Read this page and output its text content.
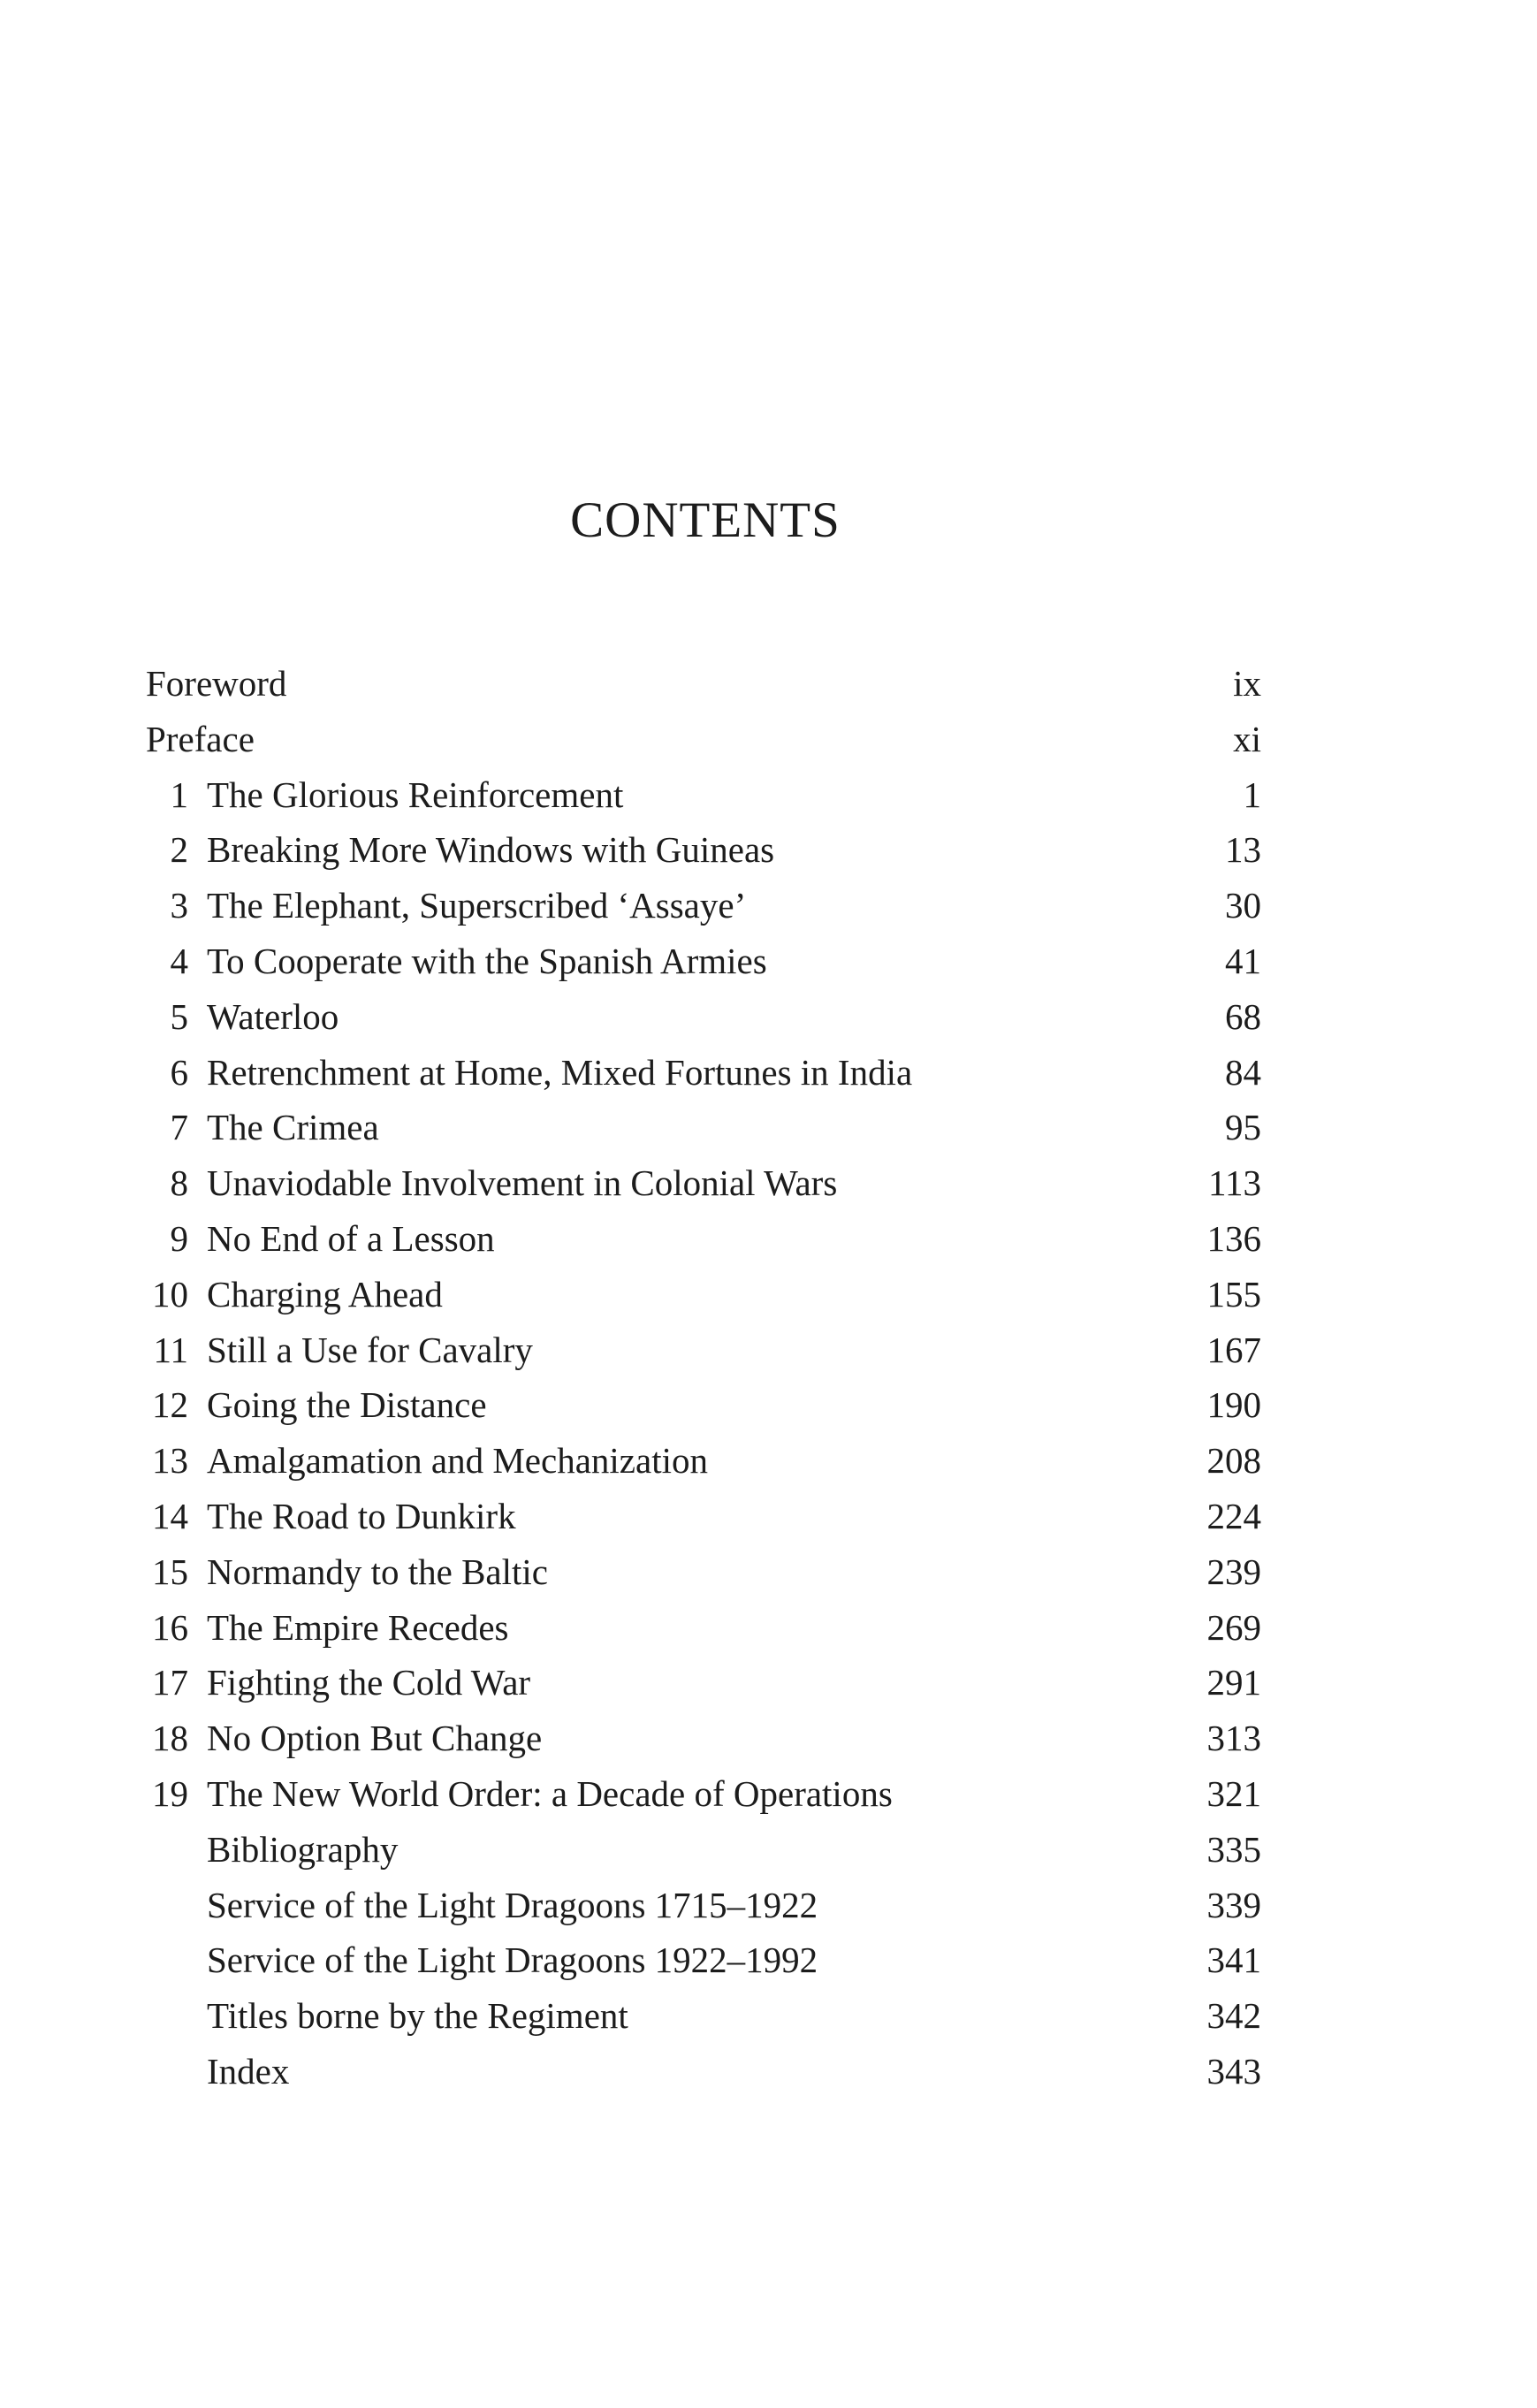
CONTENTS
Foreword	ix
Preface	xi
1 The Glorious Reinforcement	1
2 Breaking More Windows with Guineas	13
3 The Elephant, Superscribed ‘Assaye’	30
4 To Cooperate with the Spanish Armies	41
5 Waterloo	68
6 Retrenchment at Home, Mixed Fortunes in India	84
7 The Crimea	95
8 Unaviodable Involvement in Colonial Wars	113
9 No End of a Lesson	136
10 Charging Ahead	155
11 Still a Use for Cavalry	167
12 Going the Distance	190
13 Amalgamation and Mechanization	208
14 The Road to Dunkirk	224
15 Normandy to the Baltic	239
16 The Empire Recedes	269
17 Fighting the Cold War	291
18 No Option But Change	313
19 The New World Order: a Decade of Operations	321
Bibliography	335
Service of the Light Dragoons 1715–1922	339
Service of the Light Dragoons 1922–1992	341
Titles borne by the Regiment	342
Index	343
